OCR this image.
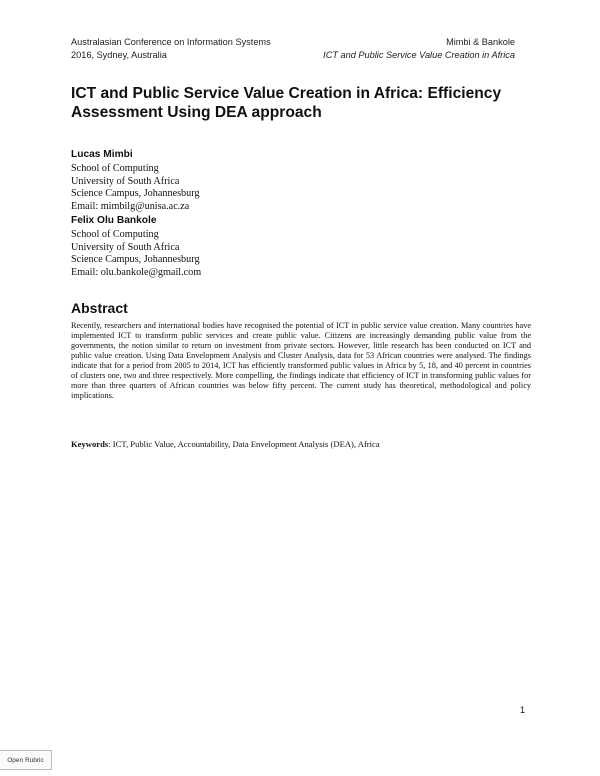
Australasian Conference on Information Systems
2016, Sydney, Australia
Mimbi & Bankole
ICT and Public Service Value Creation in Africa
ICT and Public Service Value Creation in Africa: Efficiency Assessment Using DEA approach
Lucas Mimbi
School of Computing
University of South Africa
Science Campus, Johannesburg
Email: mimbilg@unisa.ac.za
Felix Olu Bankole
School of Computing
University of South Africa
Science Campus, Johannesburg
Email: olu.bankole@gmail.com
Abstract

Recently, researchers and international bodies have recognised the potential of ICT in public service value creation. Many countries have implemented ICT to transform public services and create public value. Citizens are increasingly demanding public value from the governments, the notion similar to return on investment from private sectors. However, little research has been conducted on ICT and public value creation. Using Data Envelopment Analysis and Cluster Analysis, data for 53 African countries were analysed. The findings indicate that for a period from 2005 to 2014, ICT has efficiently transformed public values in Africa by 5, 18, and 40 percent in countries of clusters one, two and three respectively. More compelling, the findings indicate that efficiency of ICT in transforming public values for more than three quarters of African countries was below fifty percent. The current study has theoretical, methodological and policy implications.

Keywords: ICT, Public Value, Accountability, Data Envelopment Analysis (DEA), Africa

1
Open Rubric
